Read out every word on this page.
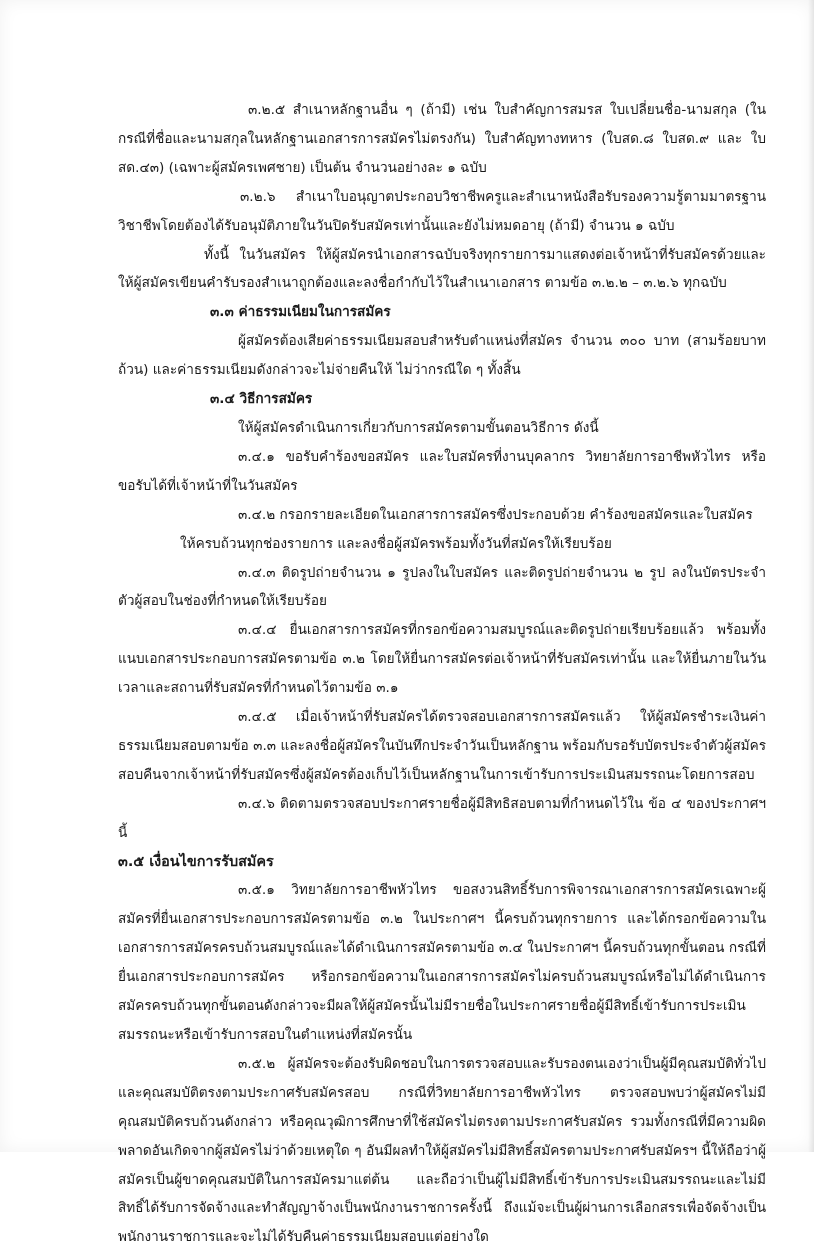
๓.๒.๕ สำเนาหลักฐานอื่น ๆ (ถ้ามี) เช่น ใบสำคัญการสมรส ใบเปลี่ยนชื่อ-นามสกุล (ในกรณีที่ชื่อและนามสกุลในหลักฐานเอกสารการสมัครไม่ตรงกัน) ใบสำคัญทางทหาร (ใบสด.๘ ใบสด.๙ และ ใบ สด.๔๓) (เฉพาะผู้สมัครเพศชาย) เป็นต้น จำนวนอย่างละ ๑ ฉบับ

๓.๒.๖ สำเนาใบอนุญาตประกอบวิชาชีพครูและสำเนาหนังสือรับรองความรู้ตามมาตรฐานวิชาชีพโดยต้องได้รับอนุมัติภายในวันปิดรับสมัครเท่านั้นและยังไม่หมดอายุ (ถ้ามี) จำนวน ๑ ฉบับ

ทั้งนี้ ในวันสมัคร ให้ผู้สมัครนำเอกสารฉบับจริงทุกรายการมาแสดงต่อเจ้าหน้าที่รับสมัครด้วยและให้ผู้สมัครเขียนคำรับรองสำเนาถูกต้องและลงชื่อกำกับไว้ในสำเนาเอกสาร ตามข้อ ๓.๒.๒ – ๓.๒.๖ ทุกฉบับ

๓.๓ ค่าธรรมเนียมในการสมัคร

ผู้สมัครต้องเสียค่าธรรมเนียมสอบสำหรับตำแหน่งที่สมัคร จำนวน ๓๐๐ บาท (สามร้อยบาทถ้วน) และค่าธรรมเนียมดังกล่าวจะไม่จ่ายคืนให้ ไม่ว่ากรณีใด ๆ ทั้งสิ้น

๓.๔ วิธีการสมัคร

ให้ผู้สมัครดำเนินการเกี่ยวกับการสมัครตามขั้นตอนวิธีการ ดังนี้

๓.๔.๑ ขอรับคำร้องขอสมัคร และใบสมัครที่งานบุคลากร วิทยาลัยการอาชีพหัวไทร หรือขอรับได้ที่เจ้าหน้าที่ในวันสมัคร

๓.๔.๒ กรอกรายละเอียดในเอกสารการสมัครซึ่งประกอบด้วย คำร้องขอสมัครและใบสมัคร

ให้ครบถ้วนทุกช่องรายการ และลงชื่อผู้สมัครพร้อมทั้งวันที่สมัครให้เรียบร้อย

๓.๔.๓ ติดรูปถ่ายจำนวน ๑ รูปลงในใบสมัคร และติดรูปถ่ายจำนวน ๒ รูป ลงในบัตรประจำตัวผู้สอบในช่องที่กำหนดให้เรียบร้อย

๓.๔.๔ ยื่นเอกสารการสมัครที่กรอกข้อความสมบูรณ์และติดรูปถ่ายเรียบร้อยแล้ว พร้อมทั้งแนบเอกสารประกอบการสมัครตามข้อ ๓.๒ โดยให้ยื่นการสมัครต่อเจ้าหน้าที่รับสมัครเท่านั้น และให้ยื่นภายในวันเวลาและสถานที่รับสมัครที่กำหนดไว้ตามข้อ ๓.๑

๓.๔.๕ เมื่อเจ้าหน้าที่รับสมัครได้ตรวจสอบเอกสารการสมัครแล้ว ให้ผู้สมัครชำระเงินค่าธรรมเนียมสอบตามข้อ ๓.๓ และลงชื่อผู้สมัครในบันทึกประจำวันเป็นหลักฐาน พร้อมกับรอรับบัตรประจำตัวผู้สมัครสอบคืนจากเจ้าหน้าที่รับสมัครซึ่งผู้สมัครต้องเก็บไว้เป็นหลักฐานในการเข้ารับการประเมินสมรรถนะโดยการสอบ

๓.๔.๖ ติดตามตรวจสอบประกาศรายชื่อผู้มีสิทธิสอบตามที่กำหนดไว้ใน ข้อ ๔ ของประกาศฯ นี้

๓.๕ เงื่อนไขการรับสมัคร

๓.๕.๑ วิทยาลัยการอาชีพหัวไทร ขอสงวนสิทธิ์รับการพิจารณาเอกสารการสมัครเฉพาะผู้สมัครที่ยื่นเอกสารประกอบการสมัครตามข้อ ๓.๒ ในประกาศฯ นี้ครบถ้วนทุกรายการ และได้กรอกข้อความในเอกสารการสมัครครบถ้วนสมบูรณ์และได้ดำเนินการสมัครตามข้อ ๓.๔ ในประกาศฯ นี้ครบถ้วนทุกขั้นตอน กรณีที่ยื่นเอกสารประกอบการสมัคร หรือกรอกข้อความในเอกสารการสมัครไม่ครบถ้วนสมบูรณ์หรือไม่ได้ดำเนินการสมัครครบถ้วนทุกขั้นตอนดังกล่าวจะมีผลให้ผู้สมัครนั้นไม่มีรายชื่อในประกาศรายชื่อผู้มีสิทธิ์เข้ารับการประเมินสมรรถนะหรือเข้ารับการสอบในตำแหน่งที่สมัครนั้น

๓.๕.๒ ผู้สมัครจะต้องรับผิดชอบในการตรวจสอบและรับรองตนเองว่าเป็นผู้มีคุณสมบัติทั่วไปและคุณสมบัติตรงตามประกาศรับสมัครสอบ กรณีที่วิทยาลัยการอาชีพหัวไทร ตรวจสอบพบว่าผู้สมัครไม่มีคุณสมบัติครบถ้วนดังกล่าว หรือคุณวุฒิการศึกษาที่ใช้สมัครไม่ตรงตามประกาศรับสมัคร รวมทั้งกรณีที่มีความผิดพลาดอันเกิดจากผู้สมัครไม่ว่าด้วยเหตุใด ๆ อันมีผลทำให้ผู้สมัครไม่มีสิทธิ์สมัครตามประกาศรับสมัครฯ นี้ให้ถือว่าผู้สมัครเป็นผู้ขาดคุณสมบัติในการสมัครมาแต่ต้น และถือว่าเป็นผู้ไม่มีสิทธิ์เข้ารับการประเมินสมรรถนะและไม่มีสิทธิ์ได้รับการจัดจ้างและทำสัญญาจ้างเป็นพนักงานราชการครั้งนี้ ถึงแม้จะเป็นผู้ผ่านการเลือกสรรเพื่อจัดจ้างเป็นพนักงานราชการและจะไม่ได้รับคืนค่าธรรมเนียมสอบแต่อย่างใด
